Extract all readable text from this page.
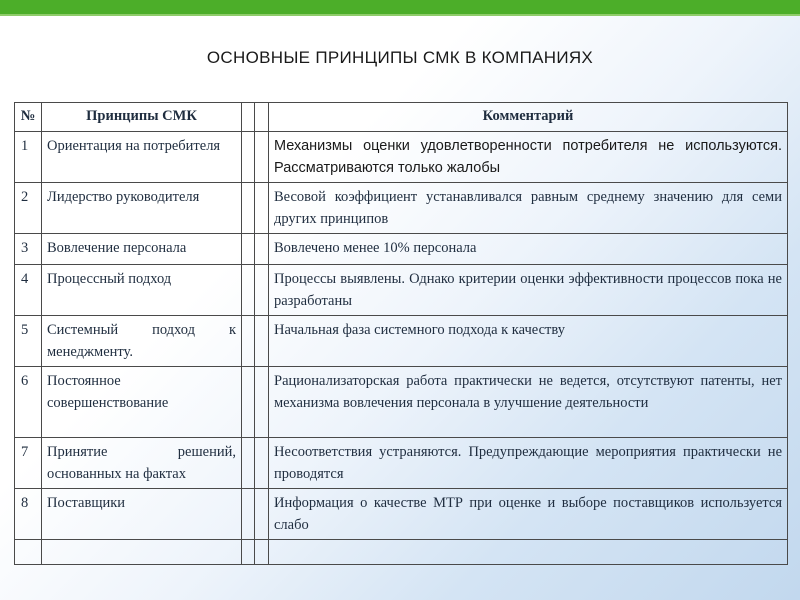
ОСНОВНЫЕ ПРИНЦИПЫ СМК В КОМПАНИЯХ
№	Принципы СМК			Комментарий
1	Ориентация на потребителя			Механизмы оценки удовлетворенности потребителя не используются. Рассматриваются только жалобы
2	Лидерство руководителя			Весовой коэффициент устанавливался равным среднему значению для семи других принципов
3	Вовлечение персонала			Вовлечено менее 10% персонала
4	Процессный подход			Процессы выявлены. Однако критерии оценки эффективности процессов пока не разработаны
5	Системный подход к менеджменту.			Начальная фаза системного подхода к качеству
6	Постоянное совершенствование			Рационализаторская работа практически не ведется, отсутствуют патенты, нет механизма вовлечения персонала в улучшение деятельности
7	Принятие решений, основанных на фактах			Несоответствия устраняются. Предупреждающие мероприятия практически не проводятся
8	Поставщики			Информация о качестве МТР при оценке и выборе поставщиков используется слабо
